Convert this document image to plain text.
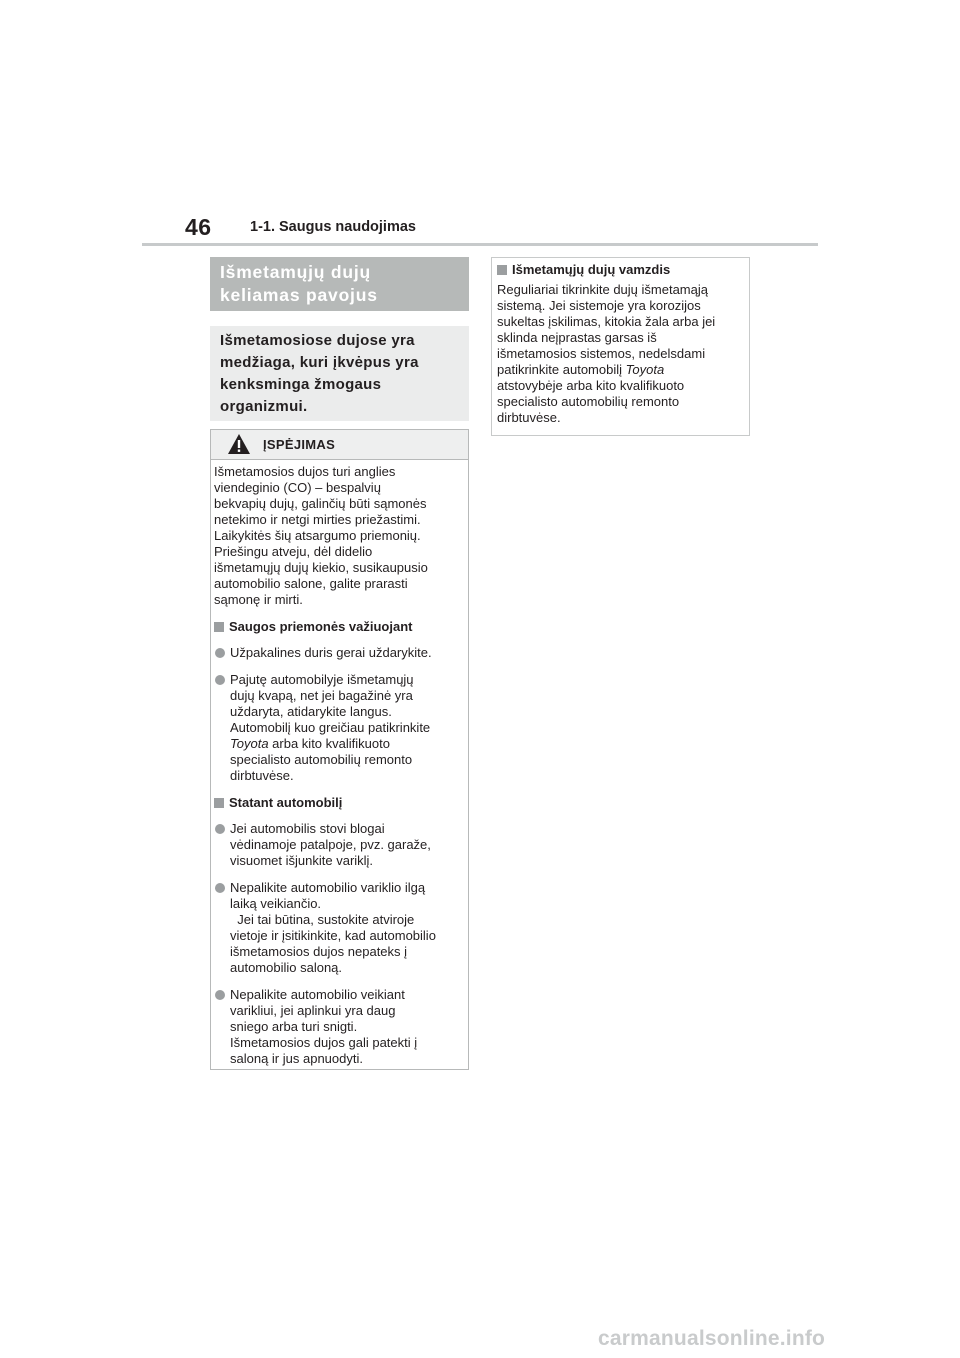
46	1-1. Saugus naudojimas
Išmetamųjų dujų
keliamas pavojus
Išmetamosiose dujose yra
medžiaga, kuri įkvėpus yra
kenksminga žmogaus
organizmui.
ĮSPĖJIMAS

Išmetamosios dujos turi anglies

viendeginio (CO) – bespalvių

bekvapių dujų, galinčių būti sąmonės

netekimo ir netgi mirties priežastimi.

Laikykitės šių atsargumo priemonių.

Priešingu atveju, dėl didelio

išmetamųjų dujų kiekio, susikaupusio

automobilio salone, galite prarasti

sąmonę ir mirti.

Saugos priemonės važiuojant

Užpakalines duris gerai uždarykite.

Pajutę automobilyje išmetamųjų

dujų kvapą, net jei bagažinė yra

uždaryta, atidarykite langus.

Automobilį kuo greičiau patikrinkite

Toyota arba kito kvalifikuoto

specialisto automobilių remonto

dirbtuvėse.

Statant automobilį

Jei automobilis stovi blogai

vėdinamoje patalpoje, pvz. garaže,

visuomet išjunkite variklį.

Nepalikite automobilio variklio ilgą

laiką veikiančio.

Jei tai būtina, sustokite atviroje

vietoje ir įsitikinkite, kad automobilio

išmetamosios dujos nepateks į

automobilio saloną.

Nepalikite automobilio veikiant

varikliui, jei aplinkui yra daug

sniego arba turi snigti.

Išmetamosios dujos gali patekti į

saloną ir jus apnuodyti.

Išmetamųjų dujų vamzdis

Reguliariai tikrinkite dujų išmetamąją

sistemą. Jei sistemoje yra korozijos

sukeltas įskilimas, kitokia žala arba jei

sklinda neįprastas garsas iš

išmetamosios sistemos, nedelsdami

patikrinkite automobilį Toyota

atstovybėje arba kito kvalifikuoto

specialisto automobilių remonto

dirbtuvėse.

carmanualsonline.info
